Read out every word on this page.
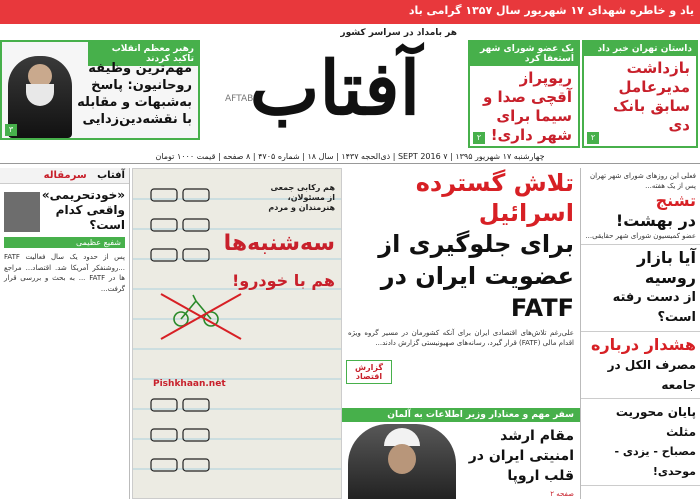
یاد و خاطره شهدای ۱۷ شهریور سال ۱۳۵۷ گرامی باد
رهبر معظم انقلاب تاکید کردند
مهم‌ترین وظیفه روحانیون: پاسخ به‌شبهات و مقابله با نقشه‌دین‌زدایی
۳
هر بامداد در سراسر کشور
آفتاب
AFTAB
یک عضو شورای شهر استعفا کرد
ریوپراز آقچی صدا و سیما برای شهر داری!
۲
داستان تهران خبر داد
بازداشت مدیرعامل سابق بانک دی
۲
چهارشنبه ۱۷ شهریور ۱۳۹۵ | ۷ SEPT 2016 | ذی‌الحجه ۱۴۳۷ | سال ۱۸ | شماره ۴۷۰۵ | ۸ صفحه | قیمت ۱۰۰۰ تومان
فعلی این روزهای شورای شهر تهران پس از یک هفته...
تشنج
در بهشت!
عضو کمیسیون شورای شهر حقایقی...
آیا بازار روسیه
از دست رفته است؟
هشدار درباره
مصرف الکل در جامعه
پایان محوریت مثلث
مصباح - یزدی - موحدی!
آفتاب   سرمقاله
«خودتحریمی» واقعی کدام است؟
شفیع عظیمی
پس از حدود یک سال فعالیت FATF ...روشنفکر آمریکا شد. اقتصاد... مراجع ها در FATF ... به بحث و بررسی قرار گرفت...
هم رکابی جمعی از مسئولان، هنرمندان و مردم
سه‌شنبه‌ها
هم با خودرو!
Pishkhaan.net
تلاش گسترده اسرائیل
برای جلوگیری از
عضویت ایران در FATF
علی‌رغم تلاش‌های اقتصادی ایران برای آنکه کشورمان در مسیر گروه ویژه اقدام مالی (FATF) قرار گیرد، رسانه‌های صهیونیستی گزارش دادند...
گزارش اقتصاد
سفر مهم و معنادار وزیر اطلاعات به آلمان
مقام ارشد امنیتی ایران در قلب اروپا
صفحه ۲
